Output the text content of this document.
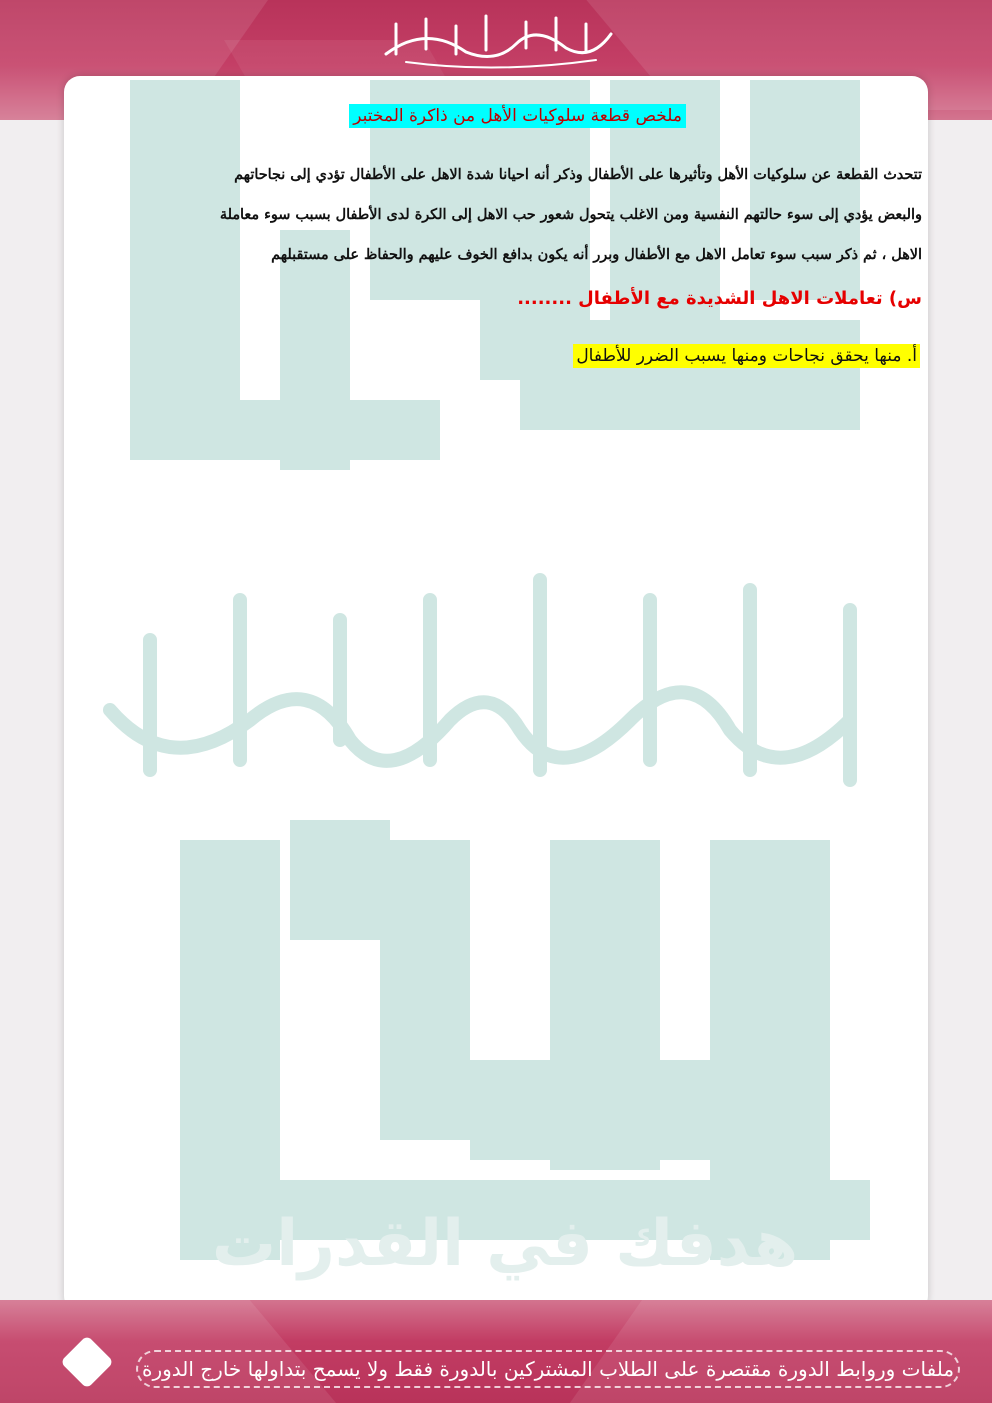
هدفك في القدرات
ملخص قطعة سلوكيات الأهل من ذاكرة المختبر
تتحدث القطعة عن سلوكيات الأهل وتأثيرها على الأطفال وذكر أنه احيانا شدة الاهل على الأطفال تؤدي إلى نجاحاتهم
والبعض يؤدي إلى سوء حالتهم النفسية ومن الاغلب يتحول شعور حب الاهل إلى الكرة لدى الأطفال بسبب سوء معاملة
الاهل ، ثم ذكر سبب سوء تعامل الاهل مع الأطفال وبرر أنه يكون بدافع الخوف عليهم والحفاظ على مستقبلهم
س) تعاملات الاهل الشديدة مع الأطفال ........
أ. منها يحقق نجاحات ومنها يسبب الضرر للأطفال
ملفات وروابط الدورة مقتصرة على الطلاب المشتركين بالدورة فقط ولا يسمح بتداولها خارج الدورة
